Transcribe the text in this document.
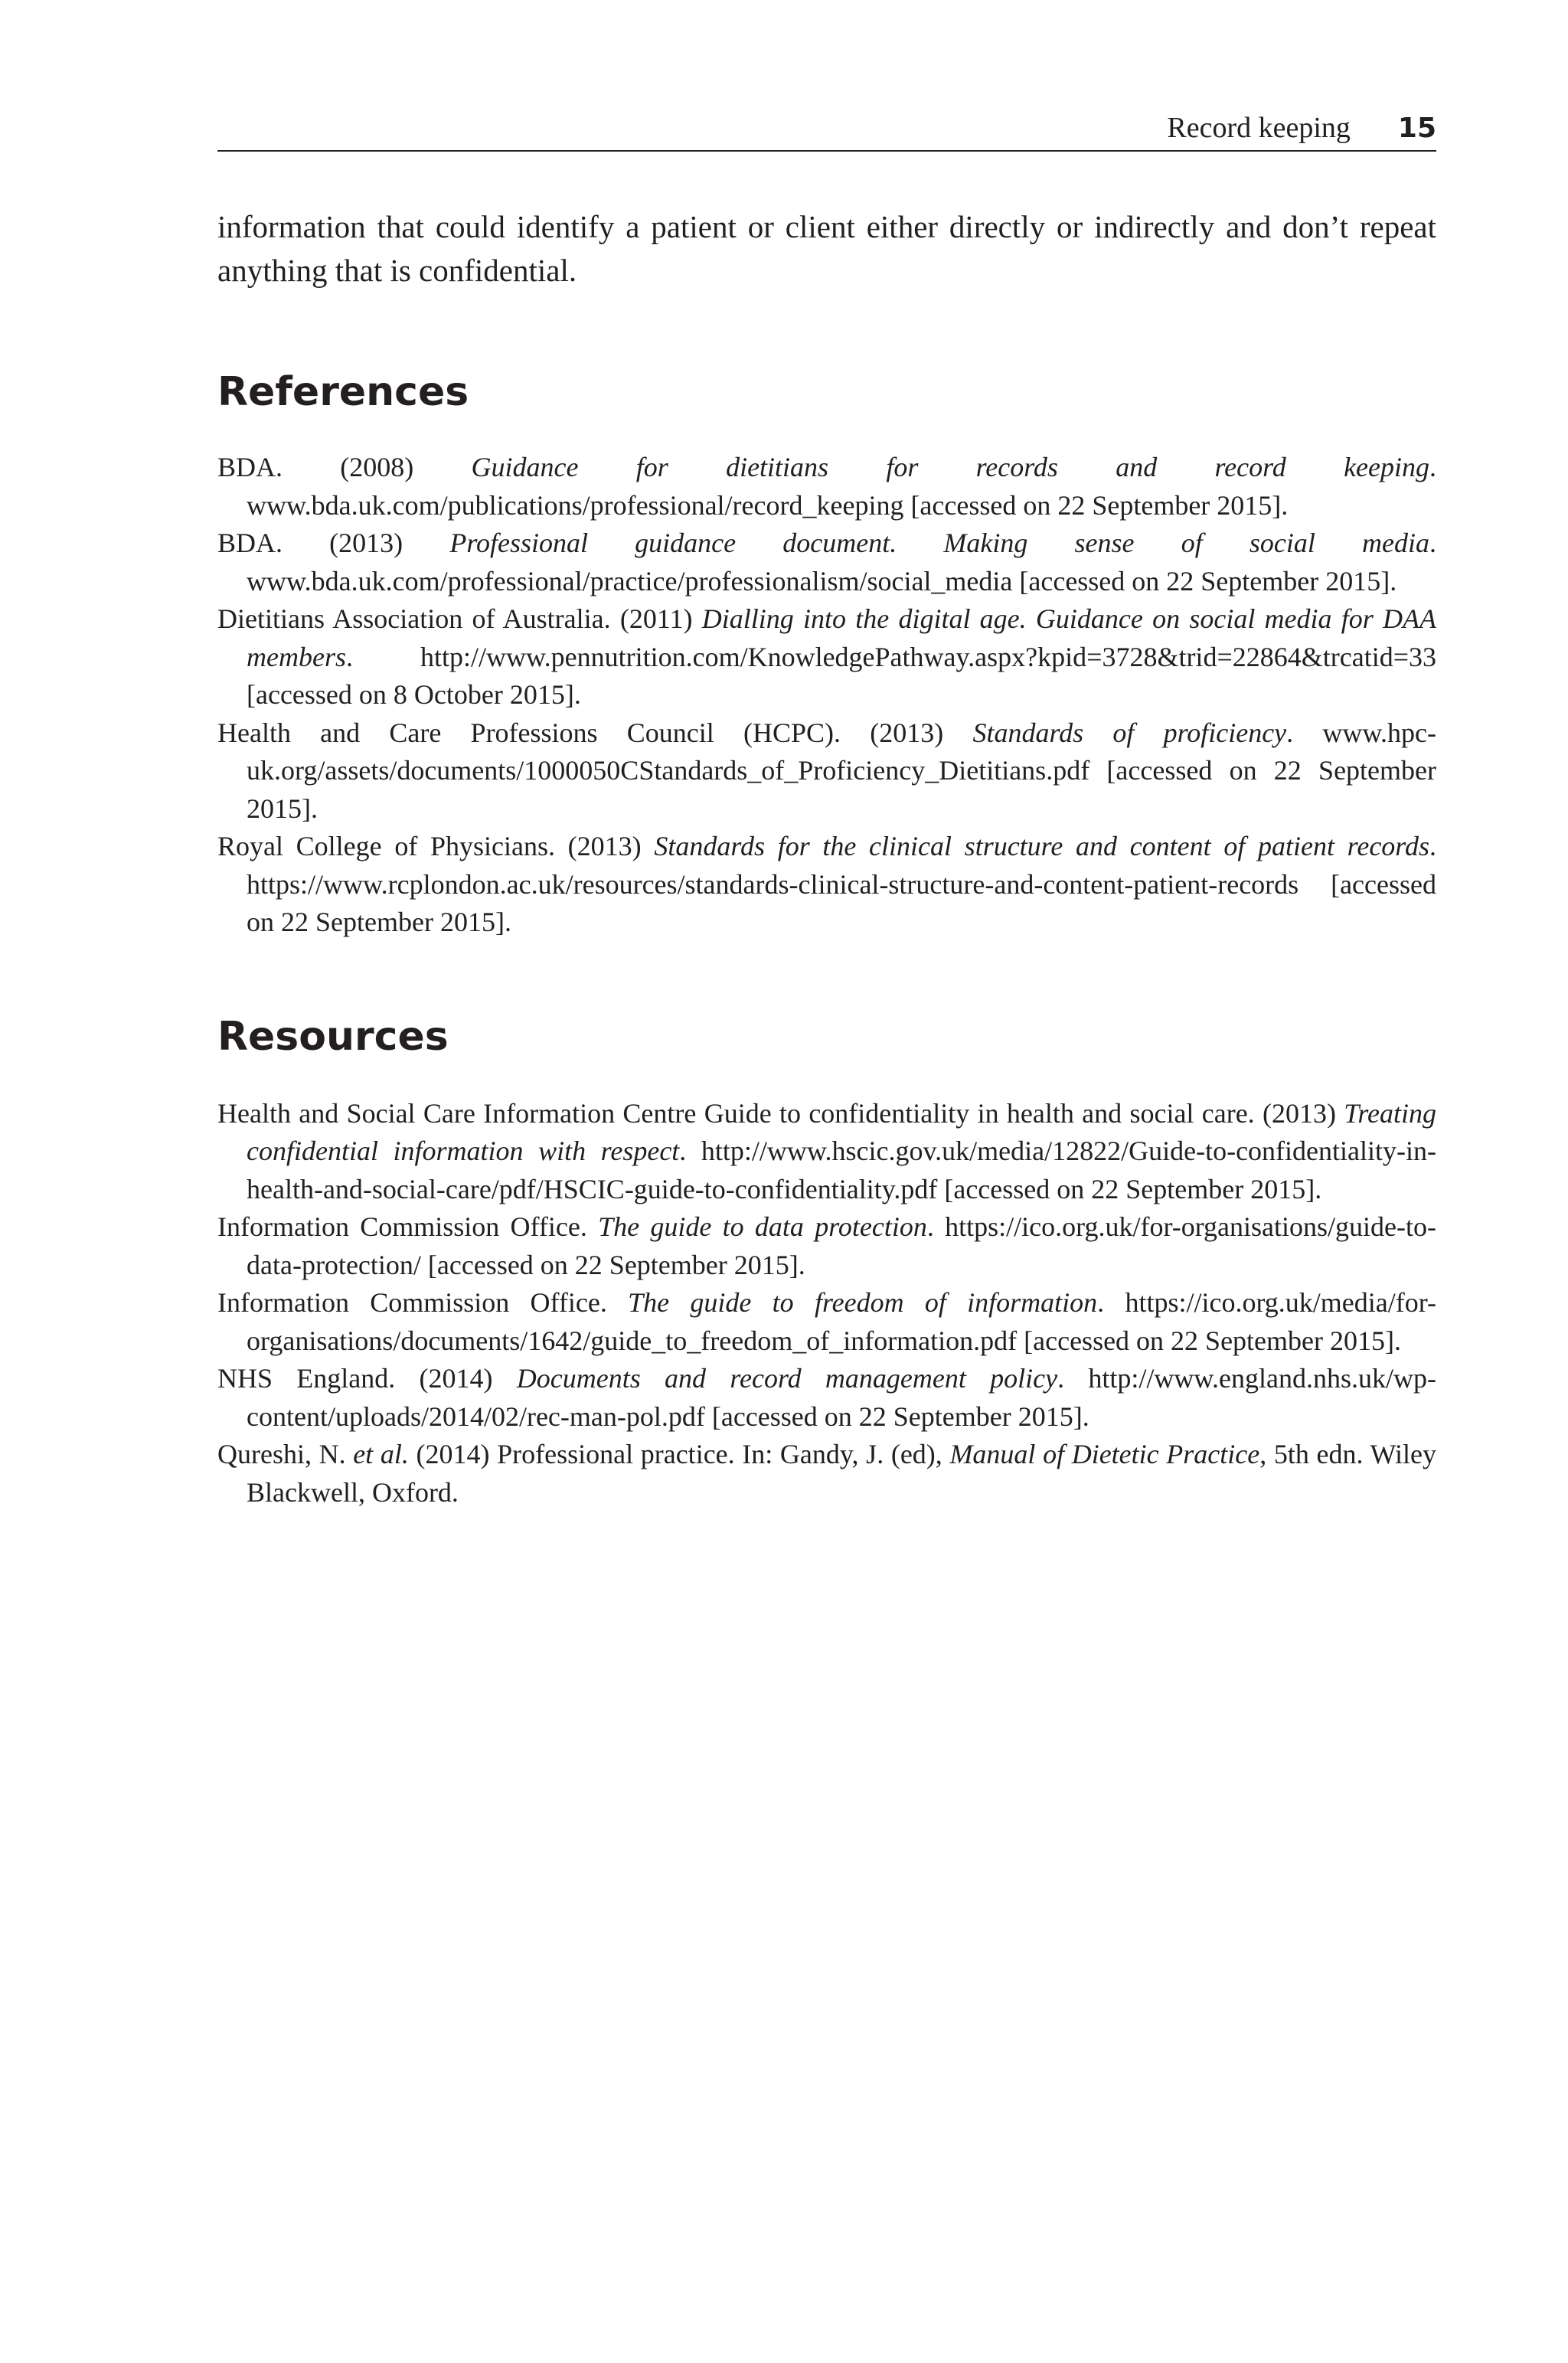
Record keeping 15

information that could identify a patient or client either directly or indirectly and don’t repeat anything that is confidential.

References
BDA. (2008) Guidance for dietitians for records and record keeping. www.bda.uk.com/publications/professional/record_keeping [accessed on 22 September 2015].
BDA. (2013) Professional guidance document. Making sense of social media. www.bda.uk.com/professional/practice/professionalism/social_media [accessed on 22 September 2015].
Dietitians Association of Australia. (2011) Dialling into the digital age. Guidance on social media for DAA members. http://www.pennutrition.com/KnowledgePathway.aspx?kpid=3728&trid=22864&trcatid=33 [accessed on 8 October 2015].
Health and Care Professions Council (HCPC). (2013) Standards of proficiency. www.hpc-uk.org/assets/documents/1000050CStandards_of_Proficiency_Dietitians.pdf [accessed on 22 September 2015].
Royal College of Physicians. (2013) Standards for the clinical structure and content of patient records. https://www.rcplondon.ac.uk/resources/standards-clinical-structure-and-content-patient-records [accessed on 22 September 2015].
Resources
Health and Social Care Information Centre Guide to confidentiality in health and social care. (2013) Treating confidential information with respect. http://www.hscic.gov.uk/media/12822/Guide-to-confidentiality-in-health-and-social-care/pdf/HSCIC-guide-to-confidentiality.pdf [accessed on 22 September 2015].
Information Commission Office. The guide to data protection. https://ico.org.uk/for-organisations/guide-to-data-protection/ [accessed on 22 September 2015].
Information Commission Office. The guide to freedom of information. https://ico.org.uk/media/for-organisations/documents/1642/guide_to_freedom_of_information.pdf [accessed on 22 September 2015].
NHS England. (2014) Documents and record management policy. http://www.england.nhs.uk/wp-content/uploads/2014/02/rec-man-pol.pdf [accessed on 22 September 2015].
Qureshi, N. et al. (2014) Professional practice. In: Gandy, J. (ed), Manual of Dietetic Practice, 5th edn. Wiley Blackwell, Oxford.
